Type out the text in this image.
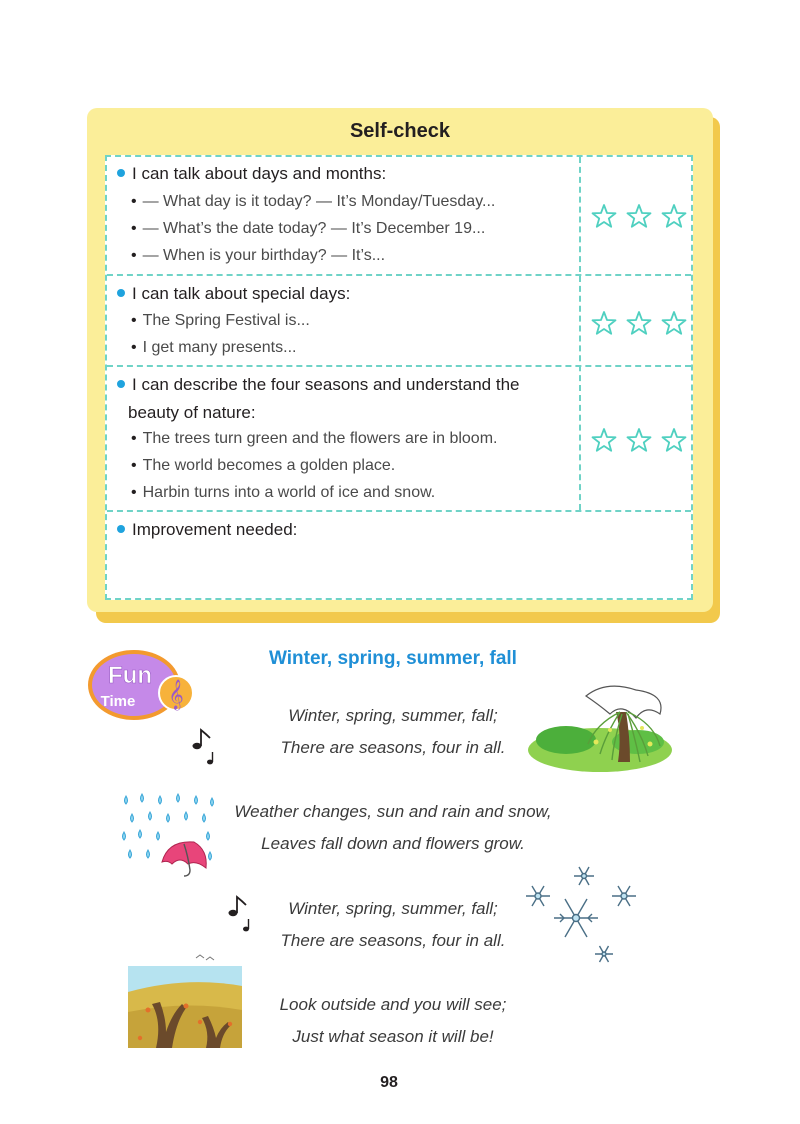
Self-check
I can talk about days and months:
• — What day is it today? — It’s Monday/Tuesday...
• — What’s the date today? — It’s December 19...
• — When is your birthday? — It’s...
I can talk about special days:
• The Spring Festival is...
• I get many presents...
I can describe the four seasons and understand the
beauty of nature:
• The trees turn green and the flowers are in bloom.
• The world becomes a golden place.
• Harbin turns into a world of ice and snow.
Improvement needed:
Fun
Time 𝄞
Winter, spring, summer, fall
Winter, spring, summer, fall;
There are seasons, four in all.
Weather changes, sun and rain and snow,
Leaves fall down and flowers grow.
Winter, spring, summer, fall;
There are seasons, four in all.
Look outside and you will see;
Just what season it will be!
98
